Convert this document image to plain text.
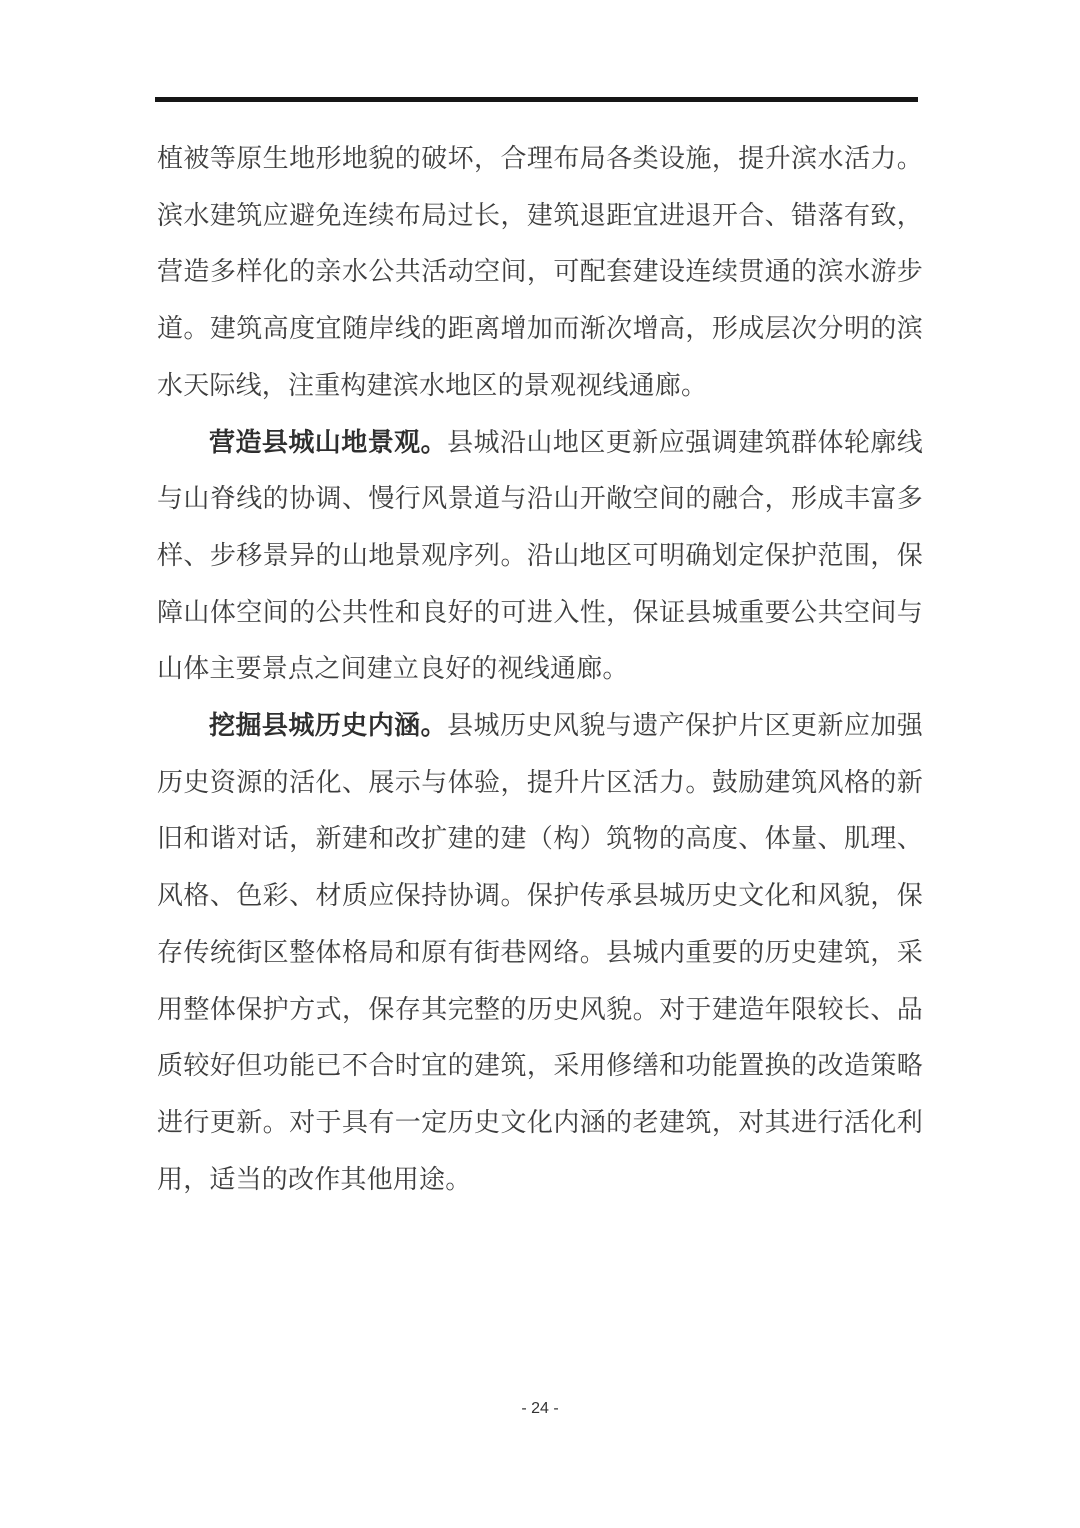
植被等原生地形地貌的破坏，合理布局各类设施，提升滨水活力。滨水建筑应避免连续布局过长，建筑退距宜进退开合、错落有致，营造多样化的亲水公共活动空间，可配套建设连续贯通的滨水游步道。建筑高度宜随岸线的距离增加而渐次增高，形成层次分明的滨水天际线，注重构建滨水地区的景观视线通廊。

营造县城山地景观。县城沿山地区更新应强调建筑群体轮廓线与山脊线的协调、慢行风景道与沿山开敞空间的融合，形成丰富多样、步移景异的山地景观序列。沿山地区可明确划定保护范围，保障山体空间的公共性和良好的可进入性，保证县城重要公共空间与山体主要景点之间建立良好的视线通廊。

挖掘县城历史内涵。县城历史风貌与遗产保护片区更新应加强历史资源的活化、展示与体验，提升片区活力。鼓励建筑风格的新旧和谐对话，新建和改扩建的建（构）筑物的高度、体量、肌理、风格、色彩、材质应保持协调。保护传承县城历史文化和风貌，保存传统街区整体格局和原有街巷网络。县城内重要的历史建筑，采用整体保护方式，保存其完整的历史风貌。对于建造年限较长、品质较好但功能已不合时宜的建筑，采用修缮和功能置换的改造策略进行更新。对于具有一定历史文化内涵的老建筑，对其进行活化利用，适当的改作其他用途。

- 24 -
